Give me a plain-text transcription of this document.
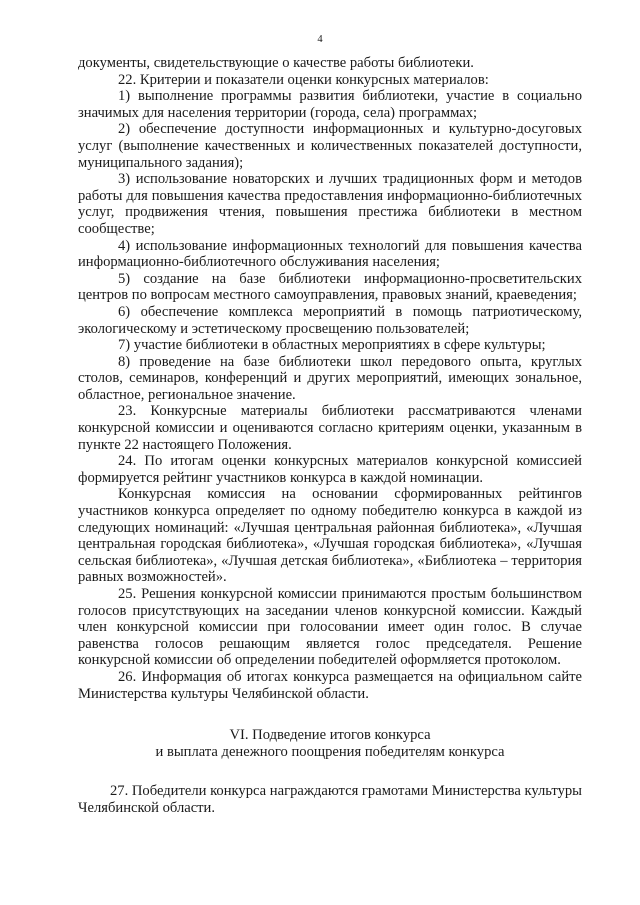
4

документы, свидетельствующие о качестве работы библиотеки.

22. Критерии и показатели оценки конкурсных материалов:

1) выполнение программы развития библиотеки, участие в социально значимых для населения территории (города, села) программах;

2) обеспечение доступности информационных и культурно-досуговых услуг (выполнение качественных и количественных показателей доступности, муниципального задания);

3) использование новаторских и лучших традиционных форм и методов работы для повышения качества предоставления информационно-библиотечных услуг, продвижения чтения, повышения престижа библиотеки в местном сообществе;

4) использование информационных технологий для повышения качества информационно-библиотечного обслуживания населения;

5) создание на базе библиотеки информационно-просветительских центров по вопросам местного самоуправления, правовых знаний, краеведения;

6) обеспечение комплекса мероприятий в помощь патриотическому, экологическому и эстетическому просвещению пользователей;

7) участие библиотеки в областных мероприятиях в сфере культуры;

8) проведение на базе библиотеки школ передового опыта, круглых столов, семинаров, конференций и других мероприятий, имеющих зональное, областное, региональное значение.

23. Конкурсные материалы библиотеки рассматриваются членами конкурсной комиссии и оцениваются согласно критериям оценки, указанным в пункте 22 настоящего Положения.

24. По итогам оценки конкурсных материалов конкурсной комиссией формируется рейтинг участников конкурса в каждой номинации.

Конкурсная комиссия на основании сформированных рейтингов участников конкурса определяет по одному победителю конкурса в каждой из следующих номинаций: «Лучшая центральная районная библиотека», «Лучшая центральная городская библиотека», «Лучшая городская библиотека», «Лучшая сельская библиотека», «Лучшая детская библиотека», «Библиотека – территория равных возможностей».

25. Решения конкурсной комиссии принимаются простым большинством голосов присутствующих на заседании членов конкурсной комиссии. Каждый член конкурсной комиссии при голосовании имеет один голос. В случае равенства голосов решающим является голос председателя. Решение конкурсной комиссии об определении победителей оформляется протоколом.

26. Информация об итогах конкурса размещается на официальном сайте Министерства культуры Челябинской области.

VI. Подведение итогов конкурса
и выплата денежного поощрения победителям конкурса

27. Победители конкурса награждаются грамотами Министерства культуры Челябинской области.
